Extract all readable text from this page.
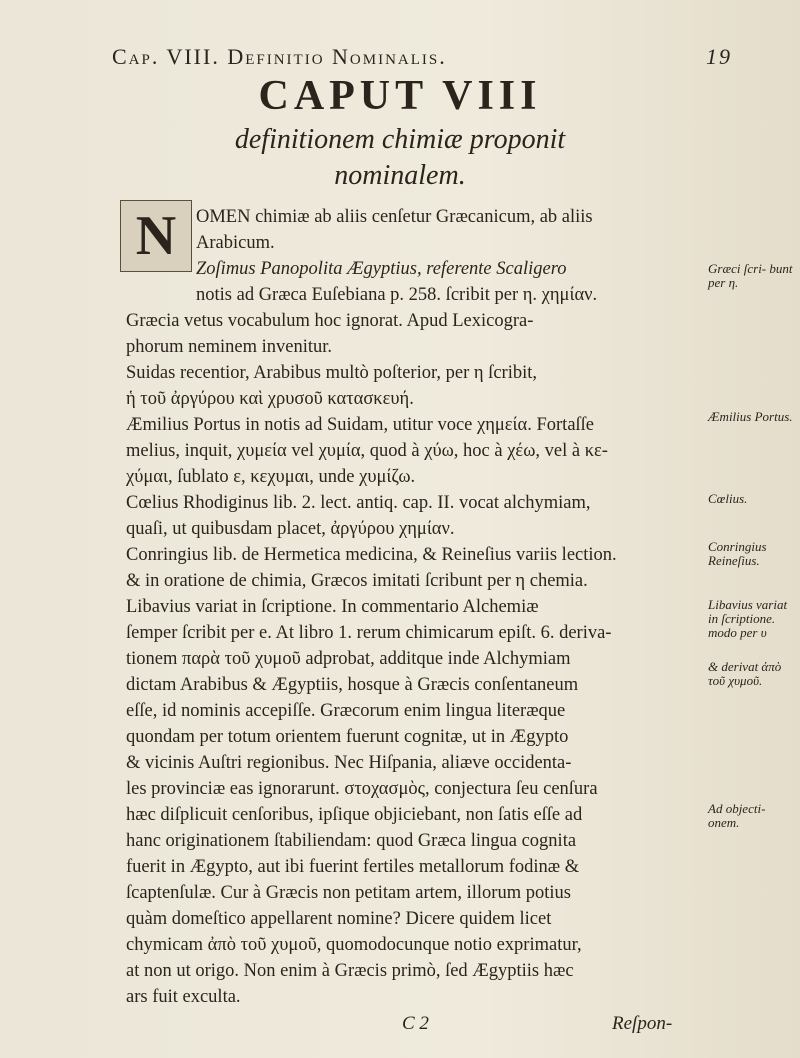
Cap. VIII. Definitio Nominalis.	19
CAPUT VIII
definitionem chimiæ proponit
nominalem.
N	OMEN chimiæ ab aliis cenſetur Græcanicum, ab aliis
Arabicum.
Zoſimus Panopolita Ægyptius, referente Scaligero
notis ad Græca Euſebiana p. 258. ſcribit per η. χημίαν.
Græcia vetus vocabulum hoc ignorat. Apud Lexicogra-
phorum neminem invenitur.
Suidas recentior, Arabibus multò poſterior, per η ſcribit,
ἡ τοῦ ἀργύρου καὶ χρυσοῦ κατασκευή.
Æmilius Portus in notis ad Suidam, utitur voce χημεία. Fortaſſe
melius, inquit, χυμεία vel χυμία, quod à χύω, hoc à χέω, vel à κε-
χύμαι, ſublato ε, κεχυμαι, unde χυμίζω.
Cœlius Rhodiginus lib. 2. lect. antiq. cap. II. vocat alchymiam,
quaſi, ut quibusdam placet, ἀργύρου χημίαν.
Conringius lib. de Hermetica medicina, & Reineſius variis lection.
& in oratione de chimia, Græcos imitati ſcribunt per η chemia.
Libavius variat in ſcriptione. In commentario Alchemiæ
ſemper ſcribit per e. At libro 1. rerum chimicarum epiſt. 6. deriva-
tionem παρὰ τοῦ χυμοῦ adprobat, additque inde Alchymiam
dictam Arabibus & Ægyptiis, hosque à Græcis conſentaneum
eſſe, id nominis accepiſſe. Græcorum enim lingua literæque
quondam per totum orientem fuerunt cognitæ, ut in Ægypto
& vicinis Auſtri regionibus. Nec Hiſpania, aliæve occidenta-
les provinciæ eas ignorarunt. στοχασμὸς, conjectura ſeu cenſura
hæc diſplicuit cenſoribus, ipſique objiciebant, non ſatis eſſe ad
hanc originationem ſtabiliendam: quod Græca lingua cognita
fuerit in Ægypto, aut ibi fuerint fertiles metallorum fodinæ &
ſcaptenſulæ. Cur à Græcis non petitam artem, illorum potius
quàm domeſtico appellarent nomine? Dicere quidem licet
chymicam ἀπὸ τοῦ χυμοῦ, quomodocunque notio exprimatur,
at non ut origo. Non enim à Græcis primò, ſed Ægyptiis hæc
ars fuit exculta.
Græci ſcri- bunt per η.
Æmilius Portus.
Cœlius.
Conringius Reineſius.
Libavius variat in ſcriptione. modo per υ
& derivat ἀπὸ τοῦ χυμοῦ.
Ad objecti- onem.
C 2	Reſpon-
